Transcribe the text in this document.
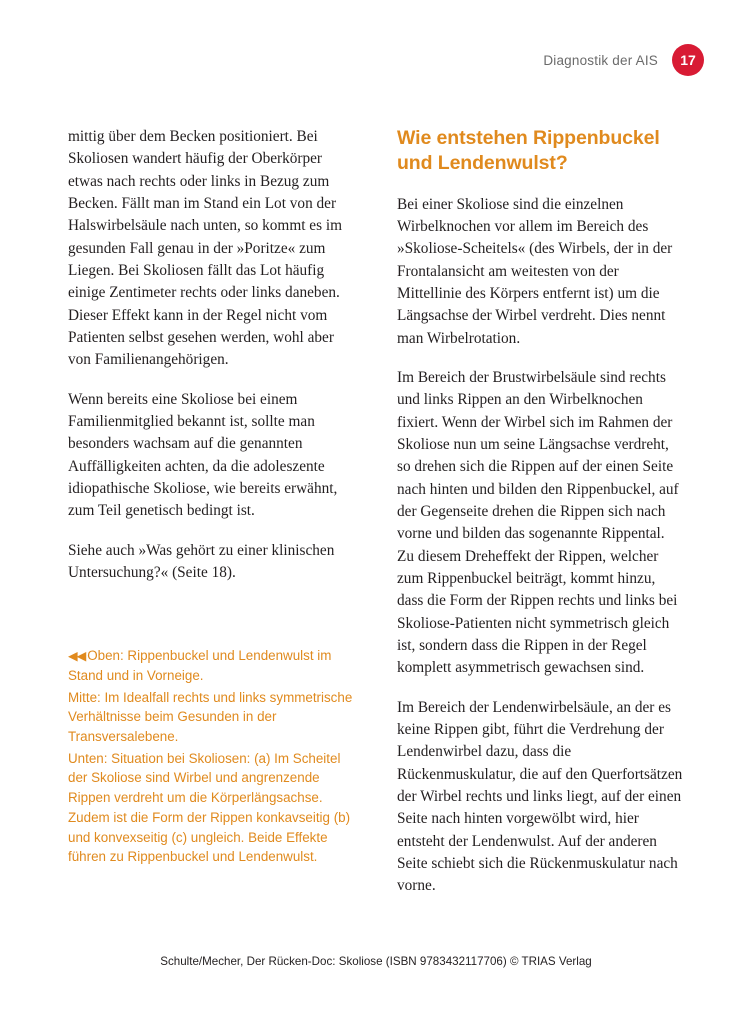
Diagnostik der AIS	17

mittig über dem Becken positioniert. Bei Skoliosen wandert häufig der Oberkörper etwas nach rechts oder links in Bezug zum Becken. Fällt man im Stand ein Lot von der Halswirbelsäule nach unten, so kommt es im gesunden Fall genau in der »Poritze« zum Liegen. Bei Skoliosen fällt das Lot häufig einige Zentimeter rechts oder links daneben. Dieser Effekt kann in der Regel nicht vom Patienten selbst gesehen werden, wohl aber von Familienangehörigen.

Wenn bereits eine Skoliose bei einem Familienmitglied bekannt ist, sollte man besonders wachsam auf die genannten Auffälligkeiten achten, da die adoleszente idiopathische Skoliose, wie bereits erwähnt, zum Teil genetisch bedingt ist.

Siehe auch »Was gehört zu einer klinischen Untersuchung?« (Seite 18).

◀◀ Oben: Rippenbuckel und Lendenwulst im Stand und in Vorneige.

Mitte: Im Idealfall rechts und links symmetrische Verhältnisse beim Gesunden in der Transversalebene.

Unten: Situation bei Skoliosen: (a) Im Scheitel der Skoliose sind Wirbel und angrenzende Rippen verdreht um die Körperlängsachse. Zudem ist die Form der Rippen konkavseitig (b) und konvexseitig (c) ungleich. Beide Effekte führen zu Rippenbuckel und Lendenwulst.

Wie entstehen Rippenbuckel und Lendenwulst?

Bei einer Skoliose sind die einzelnen Wirbelknochen vor allem im Bereich des »Skoliose-Scheitels« (des Wirbels, der in der Frontalansicht am weitesten von der Mittellinie des Körpers entfernt ist) um die Längsachse der Wirbel verdreht. Dies nennt man Wirbelrotation.

Im Bereich der Brustwirbelsäule sind rechts und links Rippen an den Wirbelknochen fixiert. Wenn der Wirbel sich im Rahmen der Skoliose nun um seine Längsachse verdreht, so drehen sich die Rippen auf der einen Seite nach hinten und bilden den Rippenbuckel, auf der Gegenseite drehen die Rippen sich nach vorne und bilden das sogenannte Rippental. Zu diesem Dreheffekt der Rippen, welcher zum Rippenbuckel beiträgt, kommt hinzu, dass die Form der Rippen rechts und links bei Skoliose-Patienten nicht symmetrisch gleich ist, sondern dass die Rippen in der Regel komplett asymmetrisch gewachsen sind.

Im Bereich der Lendenwirbelsäule, an der es keine Rippen gibt, führt die Verdrehung der Lendenwirbel dazu, dass die Rückenmuskulatur, die auf den Querfortsätzen der Wirbel rechts und links liegt, auf der einen Seite nach hinten vorgewölbt wird, hier entsteht der Lendenwulst. Auf der anderen Seite schiebt sich die Rückenmuskulatur nach vorne.

Schulte/Mecher, Der Rücken-Doc: Skoliose (ISBN 9783432117706) © TRIAS Verlag
